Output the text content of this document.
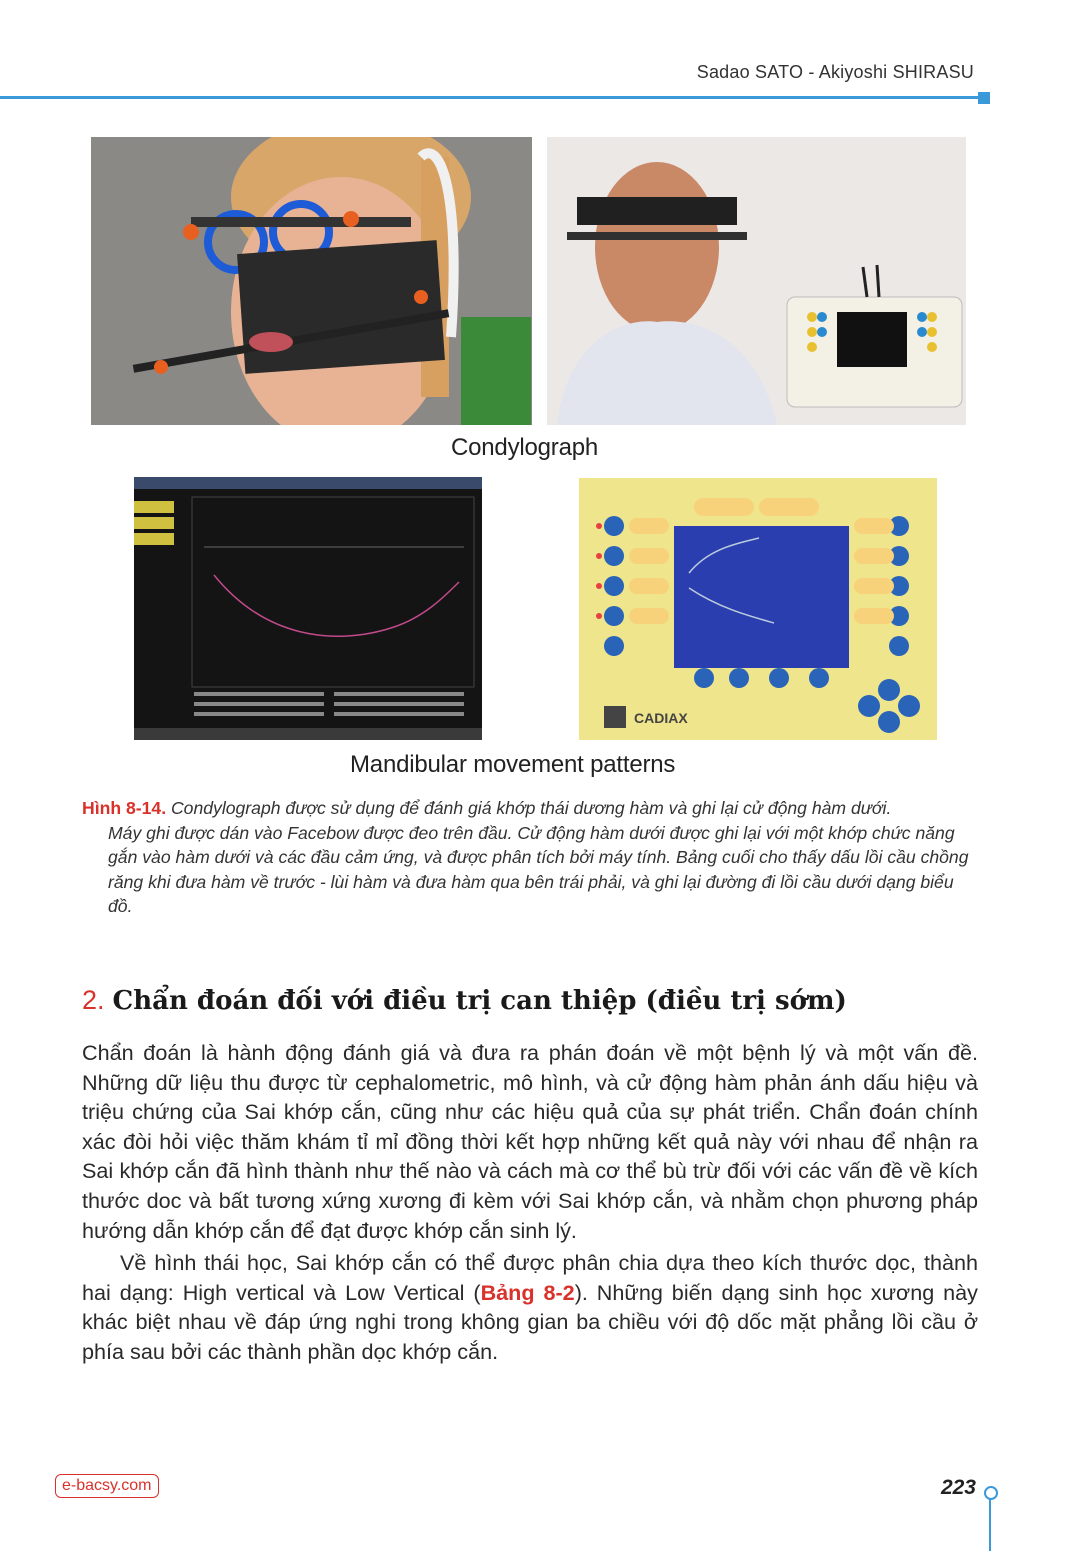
Sadao SATO - Akiyoshi SHIRASU
Condylograph
CADIAX
Mandibular movement patterns
Hình 8-14. Condylograph được sử dụng để đánh giá khớp thái dương hàm và ghi lại cử động hàm dưới.
Máy ghi được dán vào Facebow được đeo trên đầu. Cử động hàm dưới được ghi lại với một khớp chức năng gắn vào hàm dưới và các đầu cảm ứng, và được phân tích bởi máy tính. Bảng cuối cho thấy dấu lồi cầu chồng răng khi đưa hàm về trước - lùi hàm và đưa hàm qua bên trái phải, và ghi lại đường đi lồi cầu dưới dạng biểu đồ.
2. Chẩn đoán đối với điều trị can thiệp (điều trị sớm)

Chẩn đoán là hành động đánh giá và đưa ra phán đoán về một bệnh lý và một vấn đề. Những dữ liệu thu được từ cephalometric, mô hình, và cử động hàm phản ánh dấu hiệu và triệu chứng của Sai khớp cắn, cũng như các hiệu quả của sự phát triển. Chẩn đoán chính xác đòi hỏi việc thăm khám tỉ mỉ đồng thời kết hợp những kết quả này với nhau để nhận ra Sai khớp cắn đã hình thành như thế nào và cách mà cơ thể bù trừ đối với các vấn đề về kích thước doc và bất tương xứng xương đi kèm với Sai khớp cắn, và nhằm chọn phương pháp hướng dẫn khớp cắn để đạt được khớp cắn sinh lý.

Về hình thái học, Sai khớp cắn có thể được phân chia dựa theo kích thước dọc, thành hai dạng: High vertical và Low Vertical (Bảng 8-2). Những biến dạng sinh học xương này khác biệt nhau về đáp ứng nghi trong không gian ba chiều với độ dốc mặt phẳng lồi cầu ở phía sau bởi các thành phần dọc khớp cắn.

e-bacsy.com	223
